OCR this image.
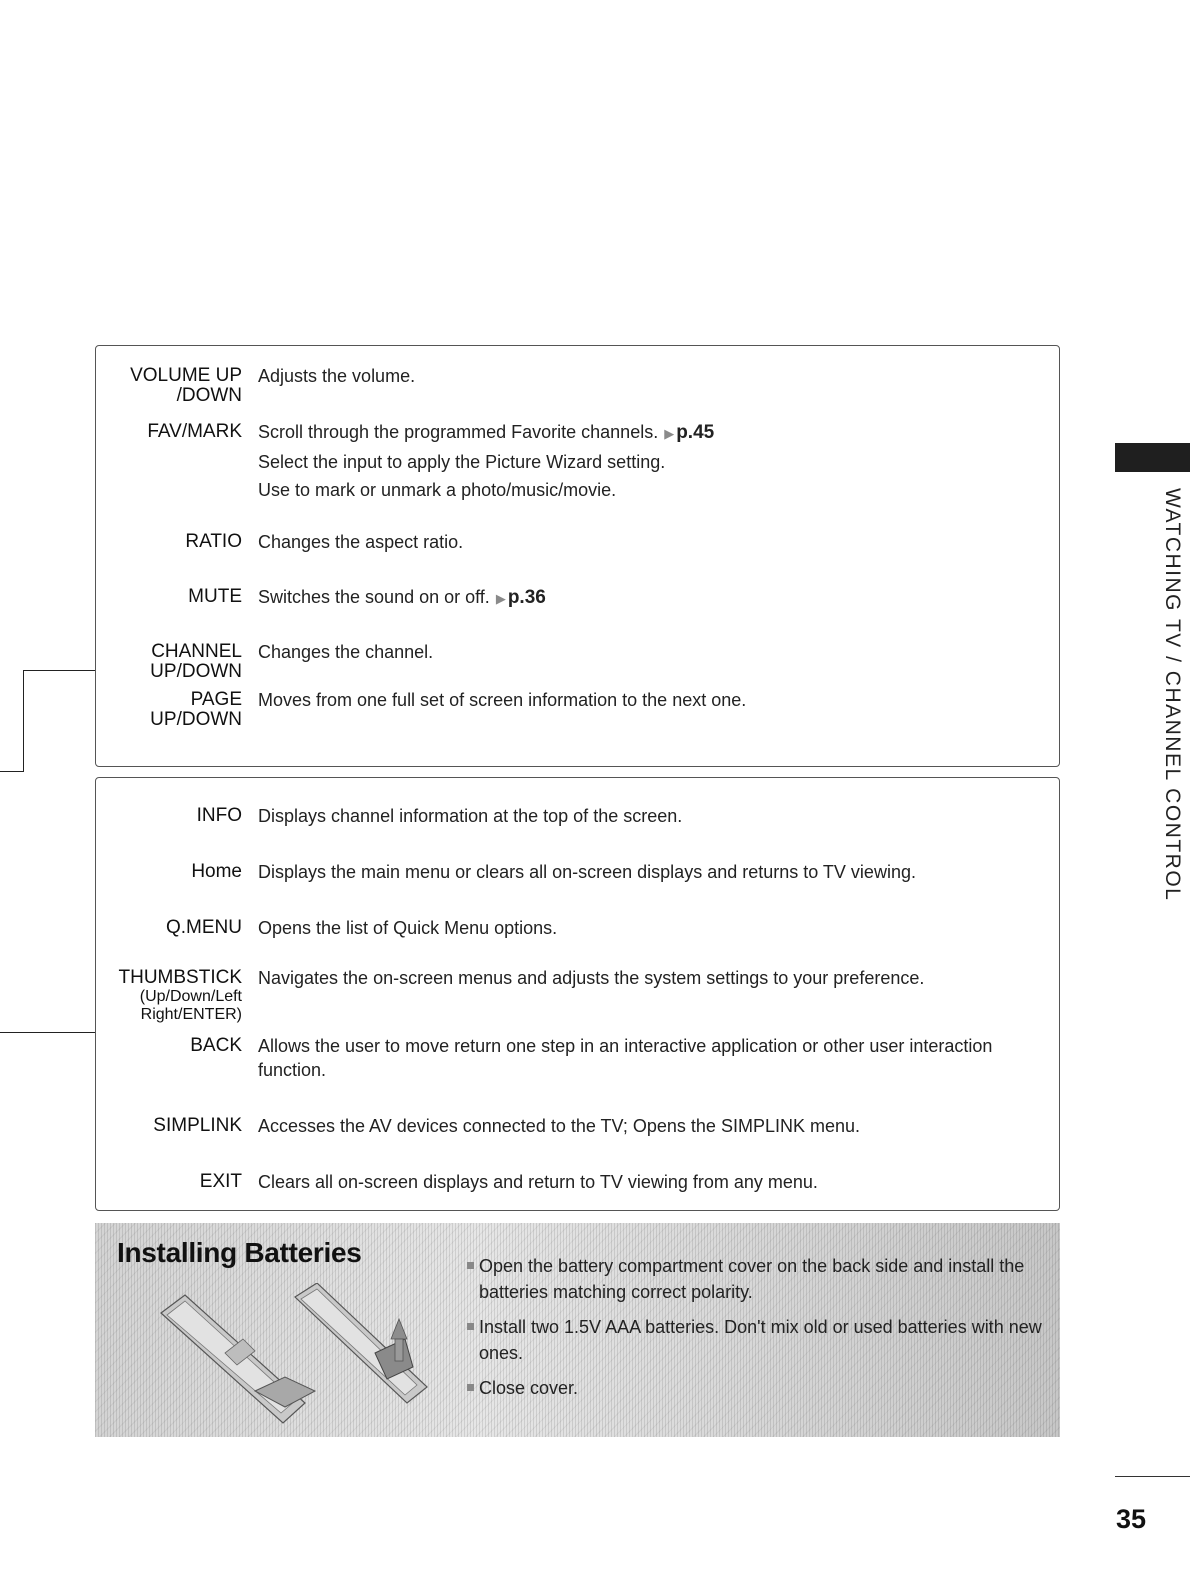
VOLUME UP
/DOWN
Adjusts the volume.
FAV/MARK Scroll through the programmed Favorite channels. ▶ p.45
Select the input to apply the Picture Wizard setting.
Use to mark or unmark a photo/music/movie.
RATIO Changes the aspect ratio.
MUTE Switches the sound on or off. ▶ p.36
CHANNEL
UP/DOWN
Changes the channel.
PAGE
UP/DOWN
Moves from one full set of screen information to the next one.
INFO Displays channel information at the top of the screen.
Home Displays the main menu or clears all on-screen displays and returns to TV viewing.
Q.MENU Opens the list of Quick Menu options.
THUMBSTICK
(Up/Down/Left
Right/ENTER)
Navigates the on-screen menus and adjusts the system settings to your preference.
BACK Allows the user to move return one step in an interactive application or other user interaction function.
SIMPLINK Accesses the AV devices connected to the TV; Opens the SIMPLINK menu.
EXIT Clears all on-screen displays and return to TV viewing from any menu.
Installing Batteries	Open the battery compartment cover on the back side and install the batteries matching correct polarity.
Install two 1.5V AAA batteries. Don't mix old or used batteries with new ones.
Close cover.
WATCHING TV / CHANNEL CONTROL
35
